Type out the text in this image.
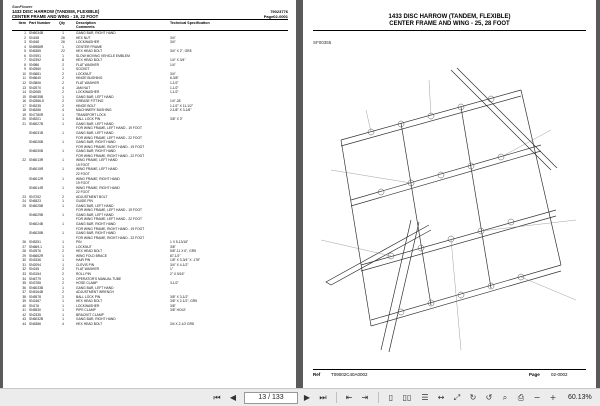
SunFlower
1433 DISC HARROW (TANDEM, FLEXIBLE)
CENTER FRAME AND WING - 19, 22 FOOT
79023776
Page02-0001
Item Part Number Qty	Description
Comments
Technical Specification
1 SN6034B	1	GANG BAR, RIGHT HAND
2 SN158	26	HEX NUT	3/4"
3 SN168	26	LOCKWASHER	3/4"
4 SN5988R	1	CENTER FRAME
5 SN6385	22	HEX HEAD BOLT	3/4" X 2", GR8
6 SN7691	1	SLOW MOVING VEHICLE EMBLEM
7 SN2392	8	HEX HEAD BOLT	1/4" X 3/4"
8 SN986	2	FLAT WASHER	1/4"
9 SN2560	1	SOCKET
10 SN3681	2	LOCKNUT	3/4"
11 SN6640	2	HINGE BUSHING	6-3/8"
12 SN3806	2	FLAT WASHER	1-1/2"
13 SN2570	4	JAM NUT	1-1/2"
14 SN2085	2	LOCKWASHER	1-1/2"
15 SN6035B	1	GANG BAR, LEFT HAND
16 SN2586-5	2	GREASE FITTING	1/4"-28
17 SN5235	2	HINGE BOLT	1-1/2" X 11-1/2"
18 SN6286	4	MACHINERY BUSHING	2-1/8" X 3-1/8"
19 SN7780R	1	TRANSPORT LOCK
20 SN5201	1	BALL LOCK PIN	3/8" X 3"
21 SN6027B	1	GANG BAR, LEFT HAND
FOR WING FRAME, LEFT HAND - 19 FOOT
SN6031B	1	GANG BAR, LEFT HAND
FOR WING FRAME, LEFT HAND - 22 FOOT
SN6026B	1	GANG BAR, RIGHT HAND
FOR WING FRAME, RIGHT HAND - 19 FOOT
SN6030B	1	GANG BAR, RIGHT HAND
FOR WING FRAME, RIGHT HAND - 22 FOOT
22 SN6013R	1	WING FRAME, LEFT HAND
19 FOOT
SN6015R	1	WING FRAME, LEFT HAND
22 FOOT
SN6012R	1	WING FRAME, RIGHT HAND
19 FOOT
SN6014R	1	WING FRAME, RIGHT HAND
22 FOOT
23 SN7252	2	ADJUSTMENT BOLT
24 SN6523	1	GUIDE PIN
25 SN6025B	1	GANG BAR, LEFT HAND
FOR WING FRAME, LEFT HAND - 19 FOOT
SN6029B	1	GANG BAR, LEFT HAND
FOR WING FRAME, LEFT HAND - 22 FOOT
SN6024B	1	GANG BAR, RIGHT HAND
FOR WING FRAME, RIGHT HAND - 19 FOOT
SN6028B	1	GANG BAR, RIGHT HAND
FOR WING FRAME, RIGHT HAND - 22 FOOT
26 SN5251	1	PIN	1 X 5-13/16"
27 SN669-1	1	LOCKNUT	3/8"
28 SN2576	2	HEX HEAD BOLT	5/8"-11 X 6", GR5
29 SN6652R	1	WING FOLD BRACE	87-1/2"
30 SN1536	1	HAIR PIN	1/8" X 3-3/4" X .178"
31 SN2094	1	CLEVIS PIN	3/4" X 4-1/2"
32 SN245	2	FLAT WASHER	1"
33 SN3154	2	ROLL PIN	2" X 5/16"
34 SN6779	1	OPERATOR'S MANUAL TUBE
35 SN3785	2	HOSE CLAMP	3-1/2"
36 SN6033B	1	GANG BAR, LEFT HAND
37 SN5164B	2	ADJUSTMENT WRENCH
38 SN5578	2	BALL LOCK PIN	3/8" X 3-1/2"
39 SN2487	1	HEX HEAD BOLT	3/8" X 2-1/2", GR5
40 SN176	1	LOCKWASHER	3/8"
41 SN5530	1	PIPE CLAMP	3/8" HOLE
42 SN2335	1	BRACKET CLAMP
43 SN6032B	1	GANG BAR, RIGHT HAND
44 SN6386	4	HEX HEAD BOLT	3/4 X 2-1/2 GR8
1433 DISC HARROW (TANDEM, FLEXIBLE)
CENTER FRAME AND WING - 25, 28 FOOT
SF00355
Ref T09002C40A0002	Page 02-0002
⏮ ◀	13 / 133	▶ ⏭ ⇤ ⇥	▯	▯▯ ☰ ↔ ⤢ ↻ ↺	⌕	⎙ − + 60.13%
